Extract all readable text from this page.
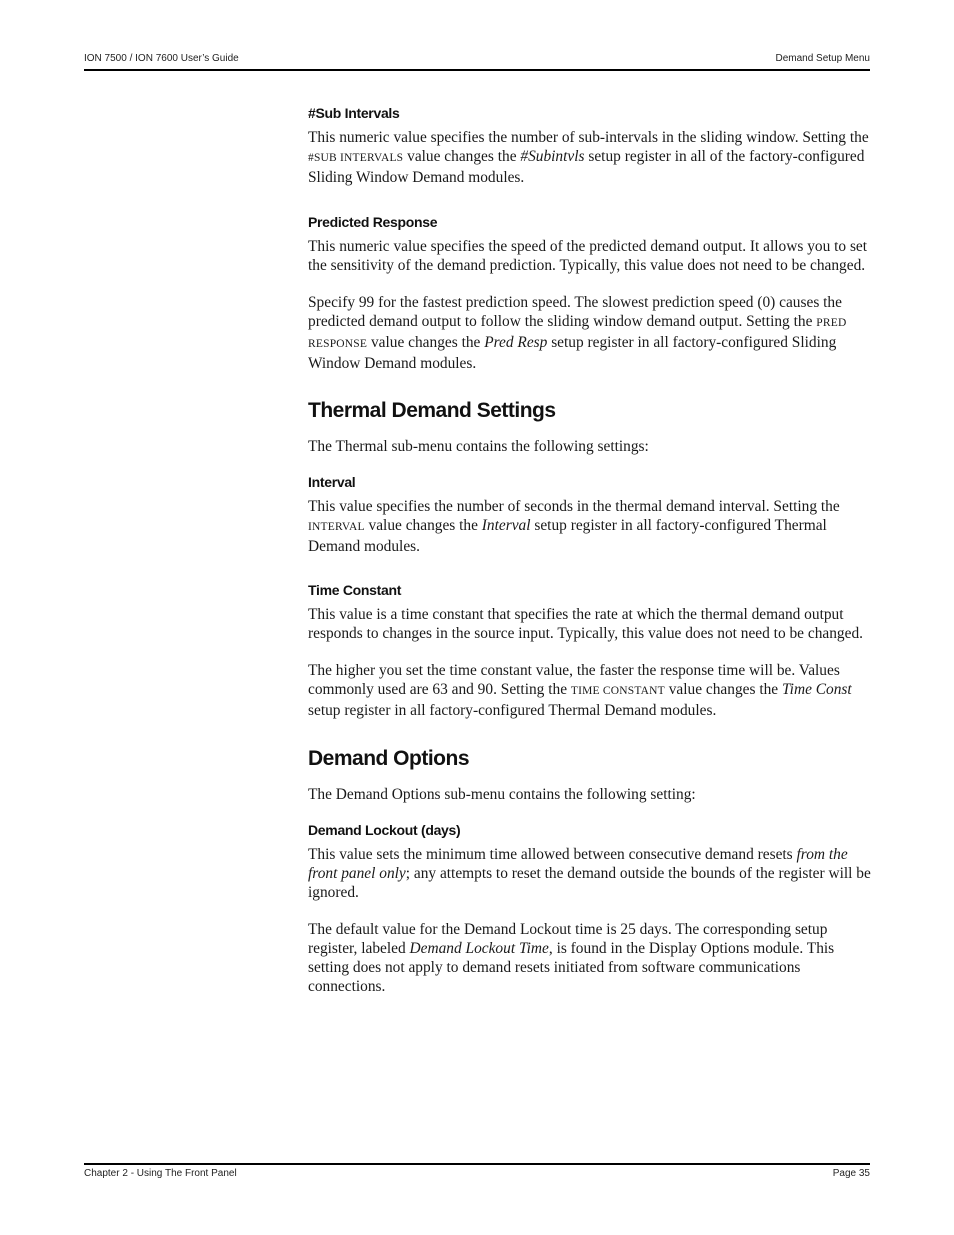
ION 7500 / ION 7600 User’s Guide	Demand Setup Menu
#Sub Intervals

This numeric value specifies the number of sub-intervals in the sliding window. Setting the #SUB INTERVALS value changes the #Subintvls setup register in all of the factory-configured Sliding Window Demand modules.

Predicted Response

This numeric value specifies the speed of the predicted demand output. It allows you to set the sensitivity of the demand prediction. Typically, this value does not need to be changed.

Specify 99 for the fastest prediction speed. The slowest prediction speed (0) causes the predicted demand output to follow the sliding window demand output. Setting the PRED RESPONSE value changes the Pred Resp setup register in all factory-configured Sliding Window Demand modules.

Thermal Demand Settings

The Thermal sub-menu contains the following settings:

Interval

This value specifies the number of seconds in the thermal demand interval. Setting the INTERVAL value changes the Interval setup register in all factory-configured Thermal Demand modules.

Time Constant

This value is a time constant that specifies the rate at which the thermal demand output responds to changes in the source input. Typically, this value does not need to be changed.

The higher you set the time constant value, the faster the response time will be. Values commonly used are 63 and 90. Setting the TIME CONSTANT value changes the Time Const setup register in all factory-configured Thermal Demand modules.

Demand Options

The Demand Options sub-menu contains the following setting:

Demand Lockout (days)

This value sets the minimum time allowed between consecutive demand resets from the front panel only; any attempts to reset the demand outside the bounds of the register will be ignored.

The default value for the Demand Lockout time is 25 days. The corresponding setup register, labeled Demand Lockout Time, is found in the Display Options module. This setting does not apply to demand resets initiated from software communications connections.

Chapter 2 - Using The Front Panel	Page 35
